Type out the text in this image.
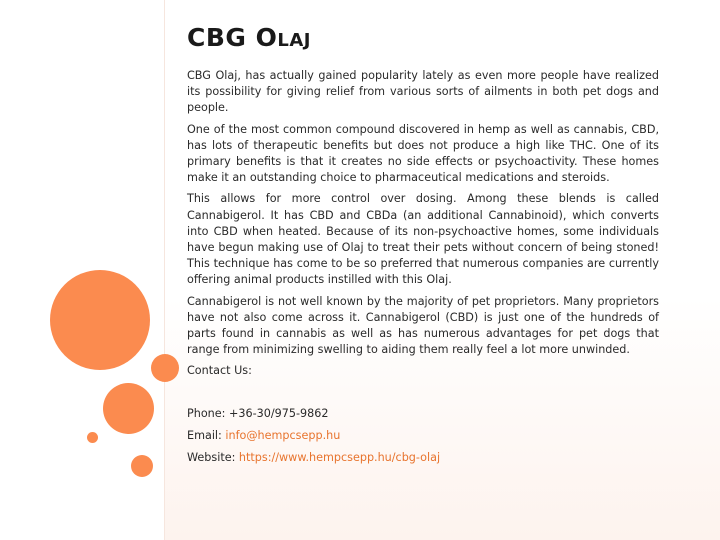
CBG Olaj

CBG Olaj, has actually gained popularity lately as even more people have realized its possibility for giving relief from various sorts of ailments in both pet dogs and people.

One of the most common compound discovered in hemp as well as cannabis, CBD, has lots of therapeutic benefits but does not produce a high like THC. One of its primary benefits is that it creates no side effects or psychoactivity. These homes make it an outstanding choice to pharmaceutical medications and steroids.

This allows for more control over dosing. Among these blends is called Cannabigerol. It has CBD and CBDa (an additional Cannabinoid), which converts into CBD when heated. Because of its non-psychoactive homes, some individuals have begun making use of Olaj to treat their pets without concern of being stoned! This technique has come to be so preferred that numerous companies are currently offering animal products instilled with this Olaj.

Cannabigerol is not well known by the majority of pet proprietors. Many proprietors have not also come across it. Cannabigerol (CBD) is just one of the hundreds of parts found in cannabis as well as has numerous advantages for pet dogs that range from minimizing swelling to aiding them really feel a lot more unwinded.

Contact Us:

Phone: +36-30/975-9862

Email: info@hempcsepp.hu

Website: https://www.hempcsepp.hu/cbg-olaj
